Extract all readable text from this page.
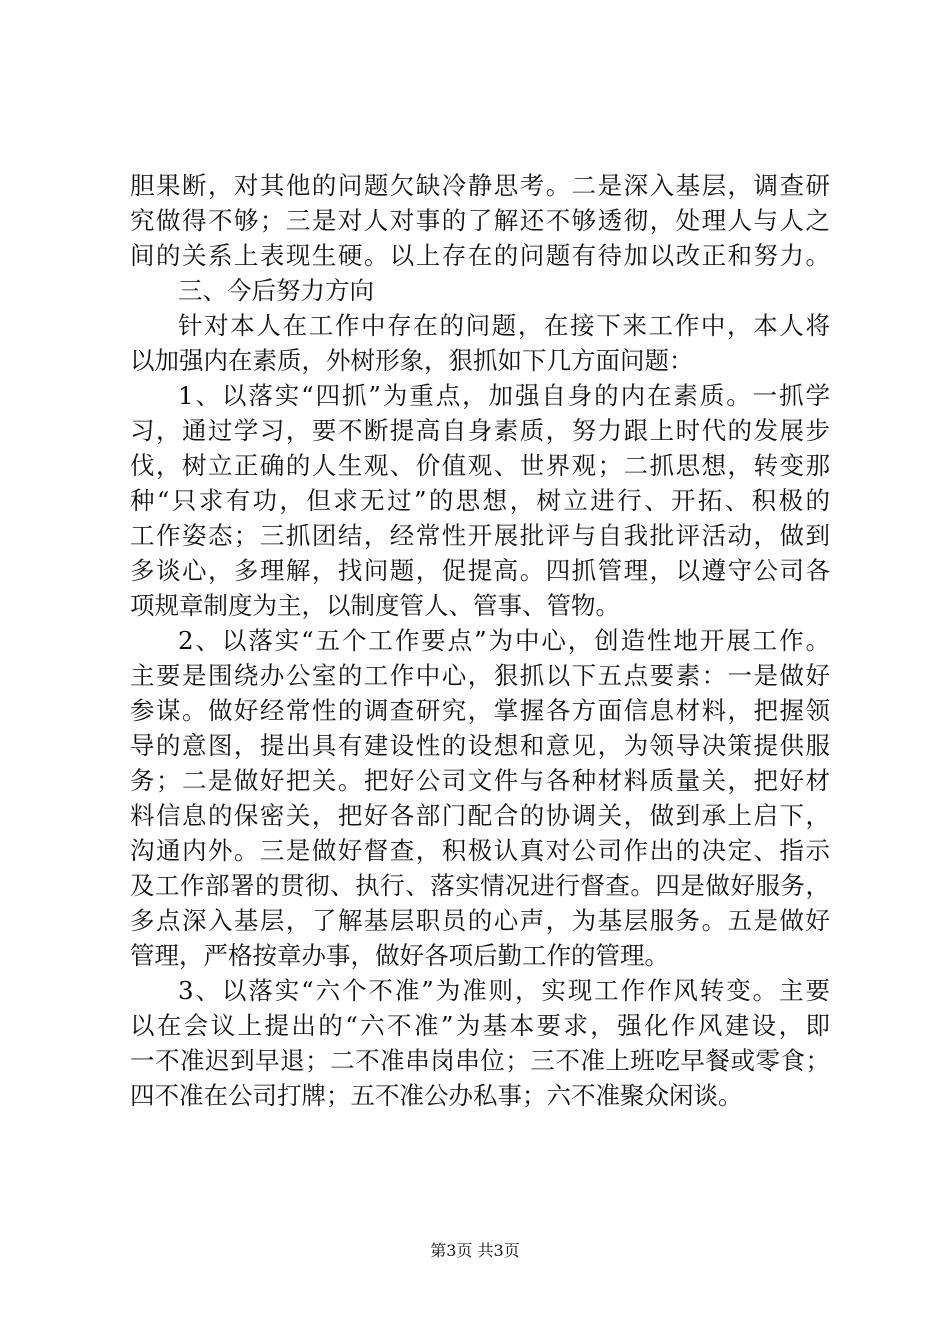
胆果断，对其他的问题欠缺冷静思考。二是深入基层，调查研
究做得不够；三是对人对事的了解还不够透彻，处理人与人之
间的关系上表现生硬。以上存在的问题有待加以改正和努力。
三、今后努力方向
针对本人在工作中存在的问题，在接下来工作中，本人将
以加强内在素质，外树形象，狠抓如下几方面问题：
1、以落实“四抓”为重点，加强自身的内在素质。一抓学
习，通过学习，要不断提高自身素质，努力跟上时代的发展步
伐，树立正确的人生观、价值观、世界观；二抓思想，转变那
种“只求有功，但求无过”的思想，树立进行、开拓、积极的
工作姿态；三抓团结，经常性开展批评与自我批评活动，做到
多谈心，多理解，找问题，促提高。四抓管理，以遵守公司各
项规章制度为主，以制度管人、管事、管物。
2、以落实“五个工作要点”为中心，创造性地开展工作。
主要是围绕办公室的工作中心，狠抓以下五点要素：一是做好
参谋。做好经常性的调查研究，掌握各方面信息材料，把握领
导的意图，提出具有建设性的设想和意见，为领导决策提供服
务；二是做好把关。把好公司文件与各种材料质量关，把好材
料信息的保密关，把好各部门配合的协调关，做到承上启下，
沟通内外。三是做好督查，积极认真对公司作出的决定、指示
及工作部署的贯彻、执行、落实情况进行督查。四是做好服务，
多点深入基层，了解基层职员的心声，为基层服务。五是做好
管理，严格按章办事，做好各项后勤工作的管理。
3、以落实“六个不准”为准则，实现工作作风转变。主要
以在会议上提出的“六不准”为基本要求，强化作风建设，即
一不准迟到早退；二不准串岗串位；三不准上班吃早餐或零食；
四不准在公司打牌；五不准公办私事；六不准聚众闲谈。
第3页 共3页
